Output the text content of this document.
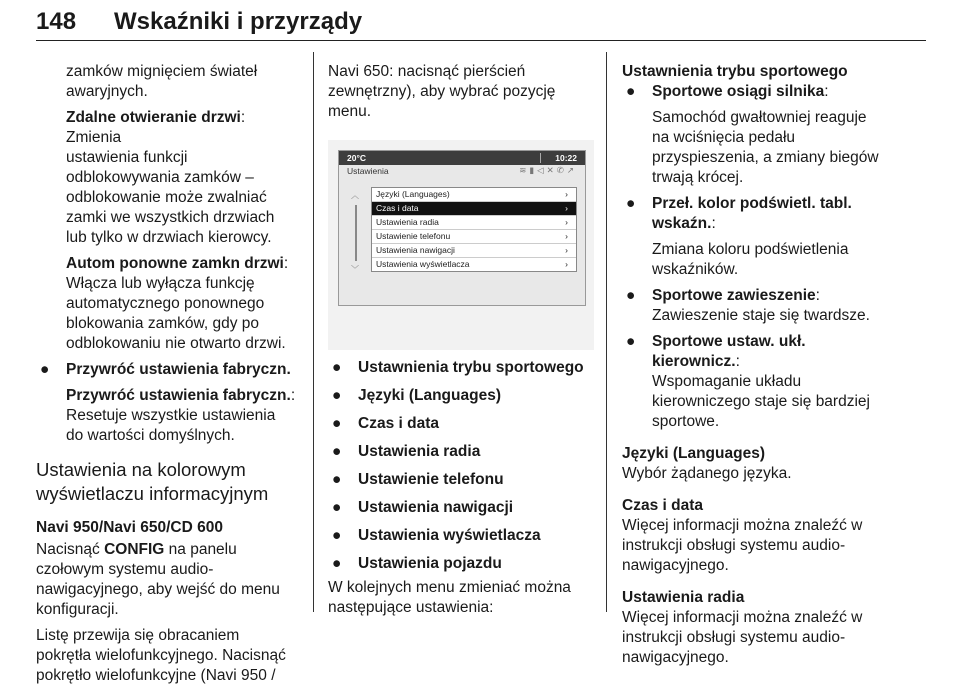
148 Wskaźniki i przyrządy

zamków mignięciem świateł

awaryjnych.

Zdalne otwieranie drzwi: Zmienia

ustawienia funkcji

odblokowywania zamków –

odblokowanie może zwalniać

zamki we wszystkich drzwiach

lub tylko w drzwiach kierowcy.

Autom ponowne zamkn drzwi:

Włącza lub wyłącza funkcję

automatycznego ponownego

blokowania zamków, gdy po

odblokowaniu nie otwarto drzwi.

● Przywróć ustawienia fabryczn.

Przywróć ustawienia fabryczn.:

Resetuje wszystkie ustawienia

do wartości domyślnych.

Ustawienia na kolorowym

wyświetlaczu informacyjnym

Navi 950/Navi 650/CD 600

Nacisnąć CONFIG na panelu

czołowym systemu audio-

nawigacyjnego, aby wejść do menu

konfiguracji.

Listę przewija się obracaniem

pokrętła wielofunkcyjnego. Nacisnąć

pokrętło wielofunkcyjne (Navi 950 /

Navi 650: nacisnąć pierścień

zewnętrzny), aby wybrać pozycję

menu.

20°C	10:22
Ustawienia	≋▮◁✕✆↗
︿
﹀
Języki (Languages)	›
Czas i data	›
Ustawienia radia	›
Ustawienie telefonu	›
Ustawienia nawigacji	›
Ustawienia wyświetlacza	›
● Ustawnienia trybu sportowego
● Języki (Languages)
● Czas i data
● Ustawienia radia
● Ustawienie telefonu
● Ustawienia nawigacji
● Ustawienia wyświetlacza
● Ustawienia pojazdu

W kolejnych menu zmieniać można

następujące ustawienia:

Ustawnienia trybu sportowego

● Sportowe osiągi silnika:

Samochód gwałtowniej reaguje

na wciśnięcia pedału

przyspieszenia, a zmiany biegów

trwają krócej.

● Przeł. kolor podświetl. tabl.

wskaźn.:

Zmiana koloru podświetlenia

wskaźników.

● Sportowe zawieszenie:

Zawieszenie staje się twardsze.

● Sportowe ustaw. ukł. kierownicz.:

Wspomaganie układu

kierowniczego staje się bardziej

sportowe.

Języki (Languages)

Wybór żądanego języka.

Czas i data

Więcej informacji można znaleźć w

instrukcji obsługi systemu audio-

nawigacyjnego.

Ustawienia radia

Więcej informacji można znaleźć w

instrukcji obsługi systemu audio-

nawigacyjnego.
